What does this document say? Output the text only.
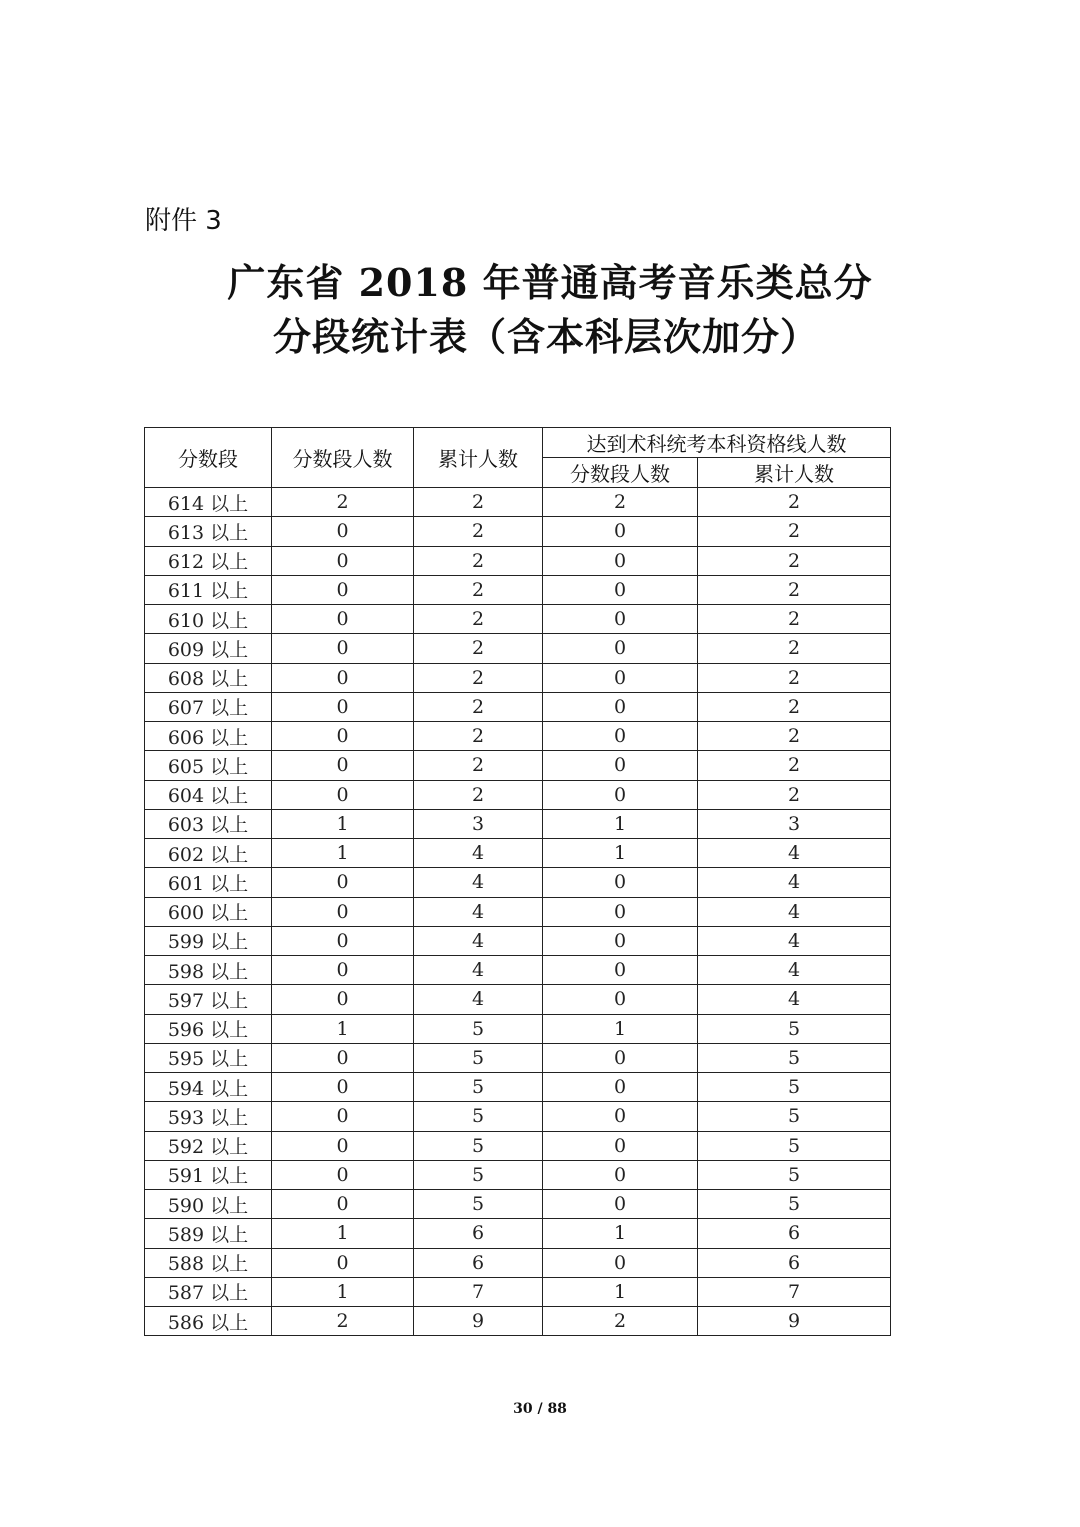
附件 3
广东省 2018 年普通高考音乐类总分
分段统计表（含本科层次加分）
分数段	分数段人数	累计人数	达到术科统考本科资格线人数	
			分数段人数	累计人数
614 以上	2	2	2	2
613 以上	0	2	0	2
612 以上	0	2	0	2
611 以上	0	2	0	2
610 以上	0	2	0	2
609 以上	0	2	0	2
608 以上	0	2	0	2
607 以上	0	2	0	2
606 以上	0	2	0	2
605 以上	0	2	0	2
604 以上	0	2	0	2
603 以上	1	3	1	3
602 以上	1	4	1	4
601 以上	0	4	0	4
600 以上	0	4	0	4
599 以上	0	4	0	4
598 以上	0	4	0	4
597 以上	0	4	0	4
596 以上	1	5	1	5
595 以上	0	5	0	5
594 以上	0	5	0	5
593 以上	0	5	0	5
592 以上	0	5	0	5
591 以上	0	5	0	5
590 以上	0	5	0	5
589 以上	1	6	1	6
588 以上	0	6	0	6
587 以上	1	7	1	7
586 以上	2	9	2	9
30 / 88
